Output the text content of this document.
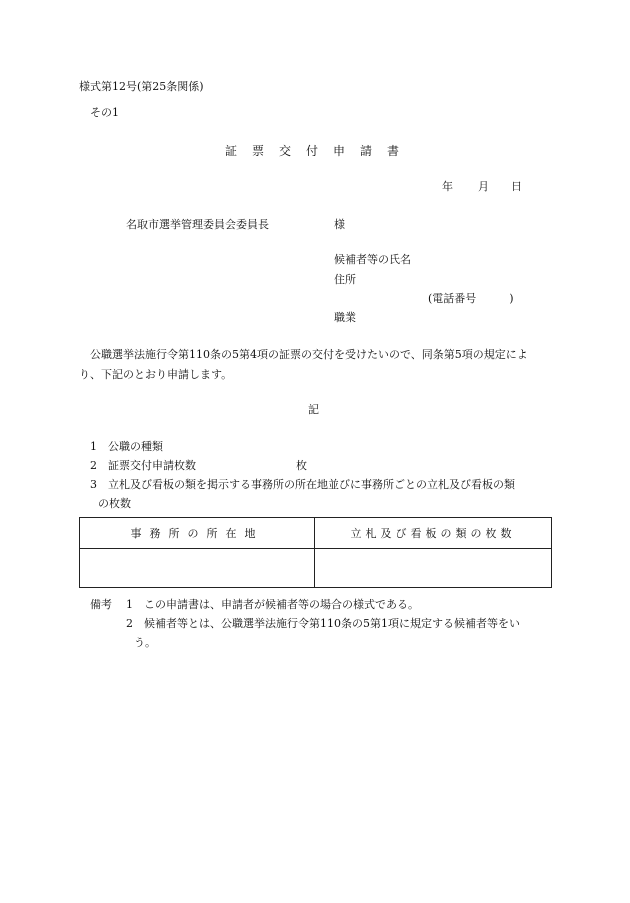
様式第12号(第25条関係)
その1
証票交付申請書
年 月 日
名取市選挙管理委員会委員長	様
候補者等の氏名
住所
(電話番号　　　)
職業
公職選挙法施行令第110条の5第4項の証票の交付を受けたいので、同条第5項の規定によ
り、下記のとおり申請します。
記
1 公職の種類
2 証票交付申請枚数	枚
3 立札及び看板の類を掲示する事務所の所在地並びに事務所ごとの立札及び看板の類
の枚数
事務所の所在地	立札及び看板の類の枚数

備考 1 この申請書は、申請者が候補者等の場合の様式である。
2 候補者等とは、公職選挙法施行令第110条の5第1項に規定する候補者等をい
う。
